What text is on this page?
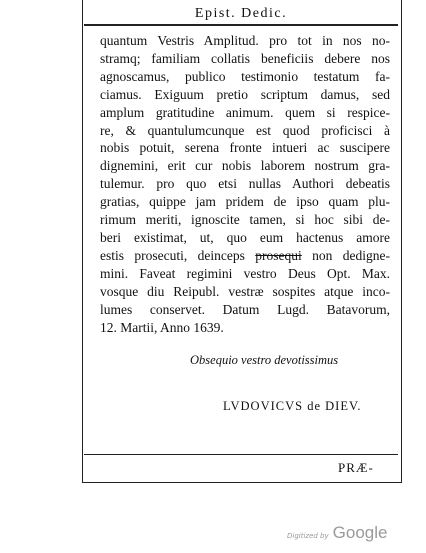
Epist. Dedic.
quantum Vestris Amplitud. pro tot in nos no-
stramq; familiam collatis beneficiis debere nos
agnoscamus, publico testimonio testatum fa-
ciamus. Exiguum pretio scriptum damus, sed
amplum gratitudine animum. quem si respice-
re, & quantulumcunque est quod proficisci à
nobis potuit, serena fronte intueri ac suscipere
dignemini, erit cur nobis laborem nostrum gra-
tulemur. pro quo etsi nullas Authori debeatis
gratias, quippe jam pridem de ipso quam plu-
rimum meriti, ignoscite tamen, si hoc sibi de-
beri existimat, ut, quo eum hactenus amore
estis prosecuti, deinceps prosequi non dedigne-
mini. Faveat regimini vestro Deus Opt. Max.
vosque diu Reipubl. vestræ sospites atque inco-
lumes conservet. Datum Lugd. Batavorum,
12. Martii, Anno 1639.
Obsequio vestro devotissimus
LVDOVICVS de DIEV.
PRÆ-
Digitized by Google
